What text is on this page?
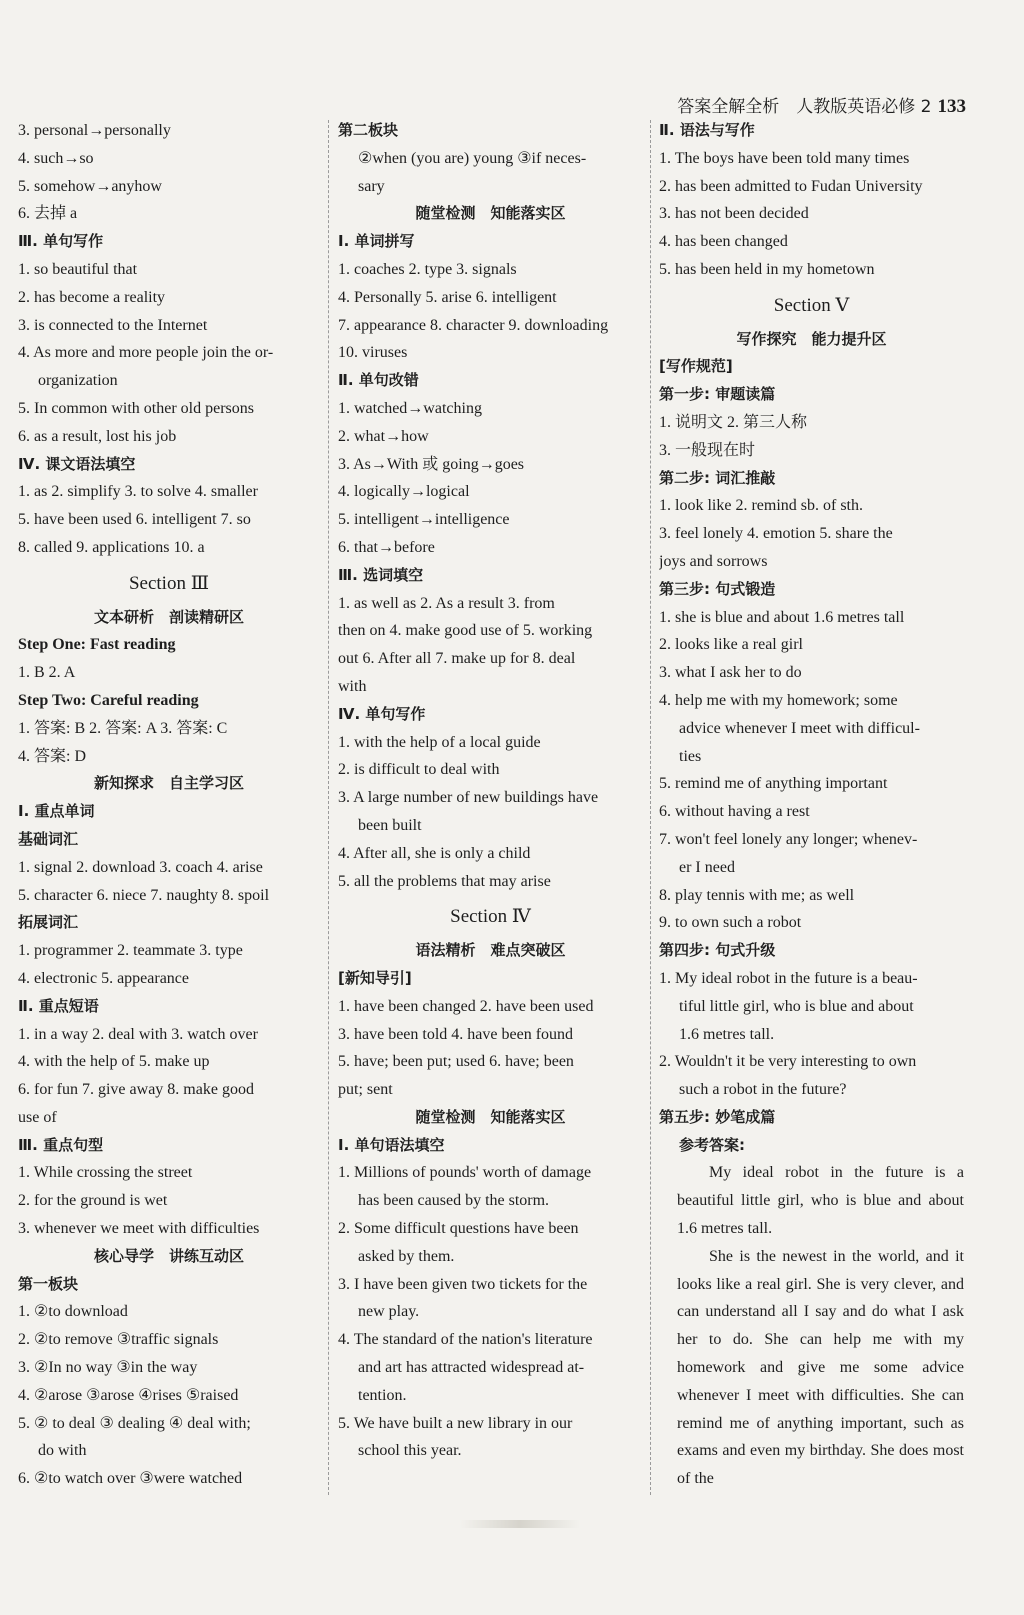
答案全解全析　人教版英语必修 2 133
3. personal→personally
4. such→so
5. somehow→anyhow
6. 去掉 a
Ⅲ. 单句写作
1. so beautiful that
2. has become a reality
3. is connected to the Internet
4. As more and more people join the or-
organization
5. In common with other old persons
6. as a result, lost his job
Ⅳ. 课文语法填空
1. as 2. simplify 3. to solve 4. smaller
5. have been used 6. intelligent 7. so
8. called 9. applications 10. a
Section Ⅲ
文本研析　剖读精研区
Step One: Fast reading
1. B 2. A
Step Two: Careful reading
1. 答案: B 2. 答案: A 3. 答案: C
4. 答案: D
新知探求　自主学习区
Ⅰ. 重点单词
基础词汇
1. signal 2. download 3. coach 4. arise
5. character 6. niece 7. naughty 8. spoil
拓展词汇
1. programmer 2. teammate 3. type
4. electronic 5. appearance
Ⅱ. 重点短语
1. in a way 2. deal with 3. watch over
4. with the help of 5. make up
6. for fun 7. give away 8. make good
use of
Ⅲ. 重点句型
1. While crossing the street
2. for the ground is wet
3. whenever we meet with difficulties
核心导学　讲练互动区
第一板块
1. ②to download
2. ②to remove ③traffic signals
3. ②In no way ③in the way
4. ②arose ③arose ④rises ⑤raised
5. ② to deal ③ dealing ④ deal with;
do with
6. ②to watch over ③were watched
第二板块
②when (you are) young ③if neces-
sary
随堂检测　知能落实区
Ⅰ. 单词拼写
1. coaches 2. type 3. signals
4. Personally 5. arise 6. intelligent
7. appearance 8. character 9. downloading
10. viruses
Ⅱ. 单句改错
1. watched→watching
2. what→how
3. As→With 或 going→goes
4. logically→logical
5. intelligent→intelligence
6. that→before
Ⅲ. 选词填空
1. as well as 2. As a result 3. from
then on 4. make good use of 5. working
out 6. After all 7. make up for 8. deal
with
Ⅳ. 单句写作
1. with the help of a local guide
2. is difficult to deal with
3. A large number of new buildings have
been built
4. After all, she is only a child
5. all the problems that may arise
Section Ⅳ
语法精析　难点突破区
[新知导引]
1. have been changed 2. have been used
3. have been told 4. have been found
5. have; been put; used 6. have; been
put; sent
随堂检测　知能落实区
Ⅰ. 单句语法填空
1. Millions of pounds' worth of damage
has been caused by the storm.
2. Some difficult questions have been
asked by them.
3. I have been given two tickets for the
new play.
4. The standard of the nation's literature
and art has attracted widespread at-
tention.
5. We have built a new library in our
school this year.
Ⅱ. 语法与写作
1. The boys have been told many times
2. has been admitted to Fudan University
3. has not been decided
4. has been changed
5. has been held in my hometown
Section Ⅴ
写作探究　能力提升区
[写作规范]
第一步: 审题读篇
1. 说明文 2. 第三人称
3. 一般现在时
第二步: 词汇推敲
1. look like 2. remind sb. of sth.
3. feel lonely 4. emotion 5. share the
joys and sorrows
第三步: 句式锻造
1. she is blue and about 1.6 metres tall
2. looks like a real girl
3. what I ask her to do
4. help me with my homework; some
advice whenever I meet with difficul-
ties
5. remind me of anything important
6. without having a rest
7. won't feel lonely any longer; whenev-
er I need
8. play tennis with me; as well
9. to own such a robot
第四步: 句式升级
1. My ideal robot in the future is a beau-
tiful little girl, who is blue and about
1.6 metres tall.
2. Wouldn't it be very interesting to own
such a robot in the future?
第五步: 妙笔成篇
参考答案:
My ideal robot in the future is a beautiful little girl, who is blue and about 1.6 metres tall.
She is the newest in the world, and it looks like a real girl. She is very clever, and can understand all I say and do what I ask her to do. She can help me with my homework and give me some advice whenever I meet with difficulties. She can remind me of anything important, such as exams and even my birthday. She does most of the
